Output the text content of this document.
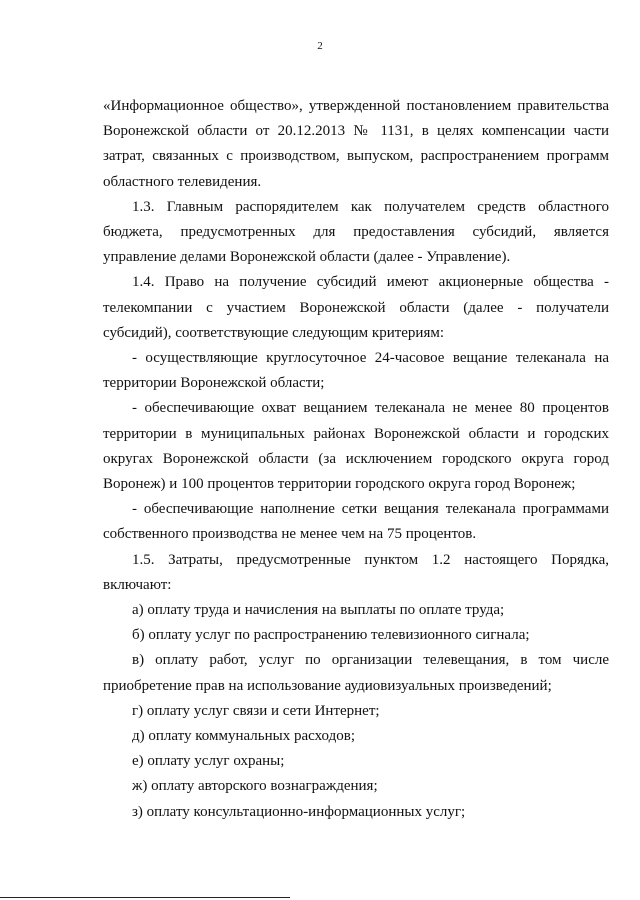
2

«Информационное общество», утвержденной постановлением правительства Воронежской области от 20.12.2013 № 1131, в целях компенсации части затрат, связанных с производством, выпуском, распространением программ областного телевидения.

1.3. Главным распорядителем как получателем средств областного бюджета, предусмотренных для предоставления субсидий, является управление делами Воронежской области (далее - Управление).

1.4. Право на получение субсидий имеют акционерные общества - телекомпании с участием Воронежской области (далее - получатели субсидий), соответствующие следующим критериям:

- осуществляющие круглосуточное 24-часовое вещание телеканала на территории Воронежской области;

- обеспечивающие охват вещанием телеканала не менее 80 процентов территории в муниципальных районах Воронежской области и городских округах Воронежской области (за исключением городского округа город Воронеж) и 100 процентов территории городского округа город Воронеж;

- обеспечивающие наполнение сетки вещания телеканала программами собственного производства не менее чем на 75 процентов.

1.5. Затраты, предусмотренные пунктом 1.2 настоящего Порядка, включают:

а) оплату труда и начисления на выплаты по оплате труда;

б) оплату услуг по распространению телевизионного сигнала;

в) оплату работ, услуг по организации телевещания, в том числе приобретение прав на использование аудиовизуальных произведений;

г) оплату услуг связи и сети Интернет;

д) оплату коммунальных расходов;

е) оплату услуг охраны;

ж) оплату авторского вознаграждения;

з) оплату консультационно-информационных услуг;
